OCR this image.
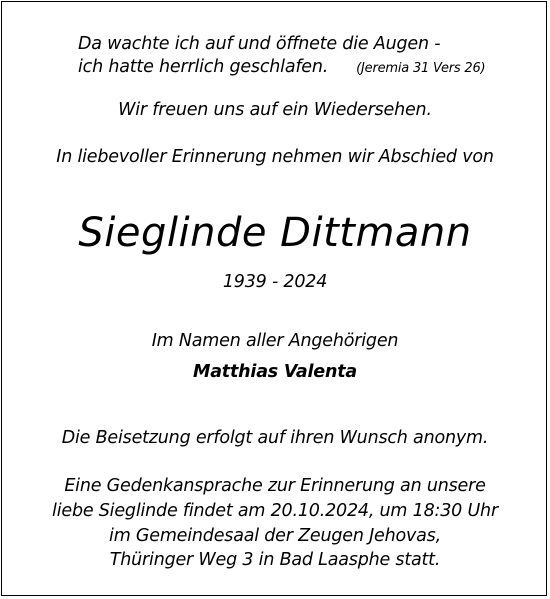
Da wachte ich auf und öffnete die Augen -
ich hatte herrlich geschlafen. (Jeremia 31 Vers 26)
Wir freuen uns auf ein Wiedersehen.
In liebevoller Erinnerung nehmen wir Abschied von
Sieglinde Dittmann
1939 - 2024
Im Namen aller Angehörigen
Matthias Valenta
Die Beisetzung erfolgt auf ihren Wunsch anonym.
Eine Gedenkansprache zur Erinnerung an unsere
liebe Sieglinde findet am 20.10.2024, um 18:30 Uhr
im Gemeindesaal der Zeugen Jehovas,
Thüringer Weg 3 in Bad Laasphe statt.
